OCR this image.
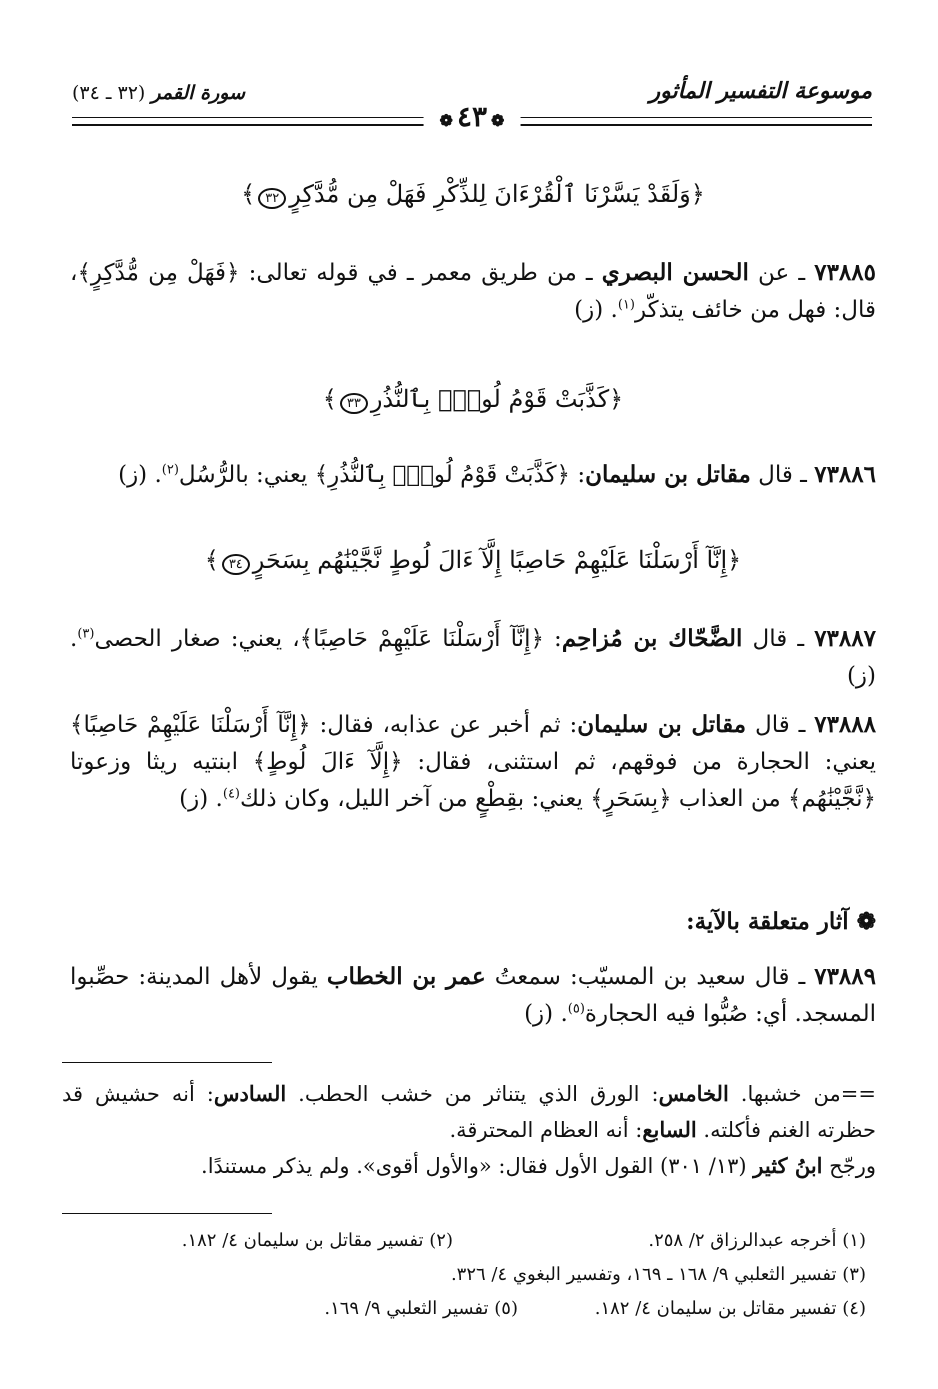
موسوعة التفسير المأثور
سورة القمر (٣٢ ـ ٣٤)
❁٤٣❁
﴿وَلَقَدْ يَسَّرْنَا ٱلْقُرْءَانَ لِلذِّكْرِ فَهَلْ مِن مُّدَّكِرٍ٣٢﴾
٧٣٨٨٥ ـ عن الحسن البصري ـ من طريق معمر ـ في قوله تعالى: ﴿فَهَلْ مِن مُّدَّكِرٍ﴾، قال: فهل من خائف يتذكّر$^{(١)}$. (ز)
﴿كَذَّبَتْ قَوْمُ لُوطٍۭ بِٱلنُّذُرِ٣٣﴾
٧٣٨٨٦ ـ قال مقاتل بن سليمان: ﴿كَذَّبَتْ قَوْمُ لُوطٍۭ بِٱلنُّذُرِ﴾ يعني: بالرُّسُل$^{(٢)}$. (ز)
﴿إِنَّآ أَرْسَلْنَا عَلَيْهِمْ حَاصِبًا إِلَّآ ءَالَ لُوطٍ نَّجَّيْنَٰهُم بِسَحَرٍ٣٤﴾
٧٣٨٨٧ ـ قال الضَّحّاك بن مُزاحِم: ﴿إِنَّآ أَرْسَلْنَا عَلَيْهِمْ حَاصِبًا﴾، يعني: صغار الحصى$^{(٣)}$. (ز)
٧٣٨٨٨ ـ قال مقاتل بن سليمان: ثم أخبر عن عذابه، فقال: ﴿إِنَّآ أَرْسَلْنَا عَلَيْهِمْ حَاصِبًا﴾ يعني: الحجارة من فوقهم، ثم استثنى، فقال: ﴿إِلَّآ ءَالَ لُوطٍ﴾ ابنتيه ريثا وزعوتا ﴿نَّجَّيْنَٰهُم﴾ من العذاب ﴿بِسَحَرٍ﴾ يعني: بقِطْعٍ من آخر الليل، وكان ذلك$^{(٤)}$. (ز)
❁ آثار متعلقة بالآية:
٧٣٨٨٩ ـ قال سعيد بن المسيّب: سمعتُ عمر بن الخطاب يقول لأهل المدينة: حصِّبوا المسجد. أي: صُبُّوا فيه الحجارة$^{(٥)}$. (ز)
==من خشبها. الخامس: الورق الذي يتناثر من خشب الحطب. السادس: أنه حشيش قد حظرته الغنم فأكلته. السابع: أنه العظام المحترقة.
ورجّح ابنُ كثير (١٣/ ٣٠١) القول الأول فقال: «والأول أقوى». ولم يذكر مستندًا.
(١) أخرجه عبدالرزاق ٢/ ٢٥٨.
(٢) تفسير مقاتل بن سليمان ٤/ ١٨٢.
(٣) تفسير الثعلبي ٩/ ١٦٨ ـ ١٦٩، وتفسير البغوي ٤/ ٣٢٦.
(٤) تفسير مقاتل بن سليمان ٤/ ١٨٢.
(٥) تفسير الثعلبي ٩/ ١٦٩.
